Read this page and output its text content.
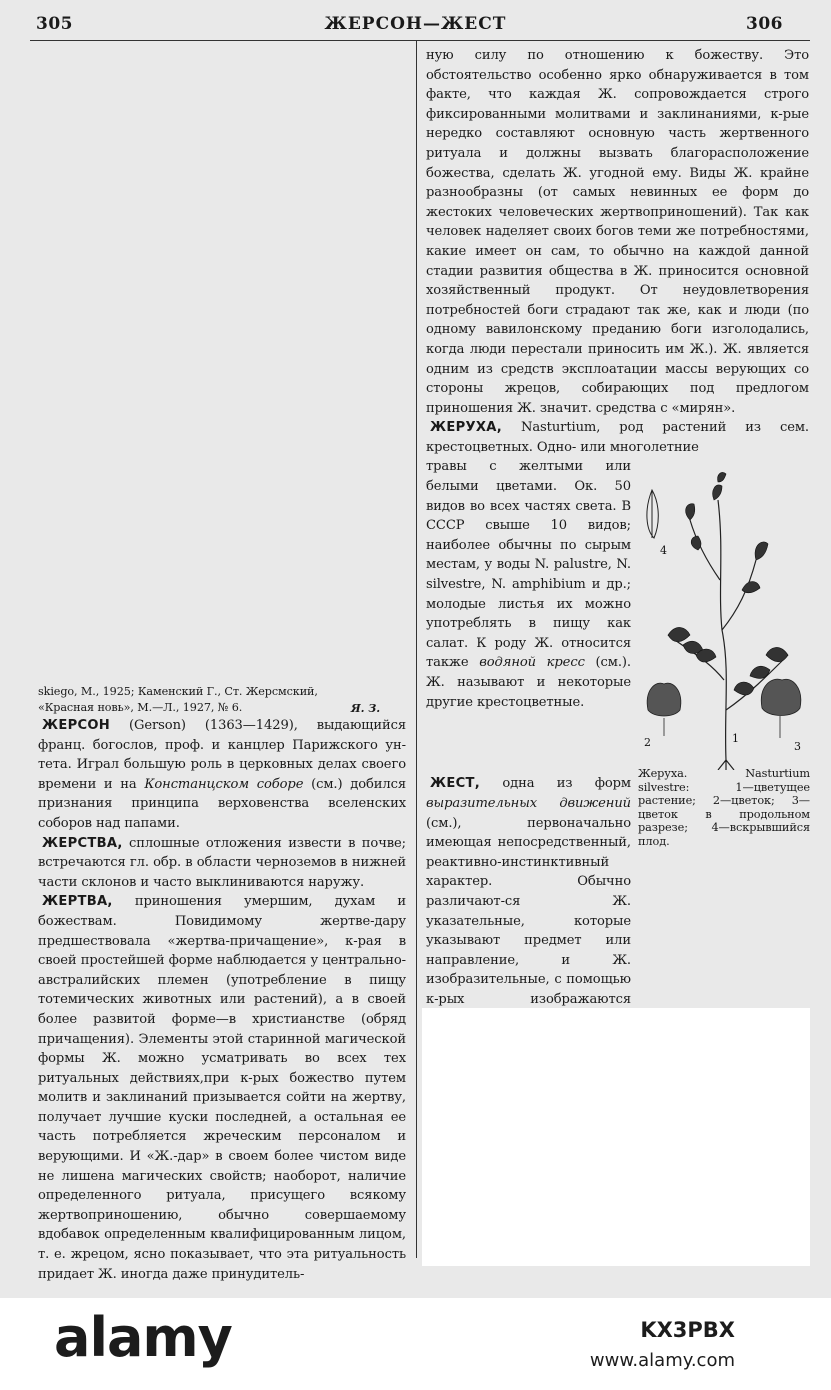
305	ЖЕРСОН—ЖЕСТ	306

skiego, M., 1925; Каменский Г., Ст. Жерсмский,
«Красная новь», М.—Л., 1927, № 6.	Я. З.

ЖЕРСОН (Gerson) (1363—1429), выдающийся франц. богослов, проф. и канцлер Парижского ун-тета. Играл большую роль в церковных делах своего времени и на Констанцском соборе (см.) добился признания принципа верховенства вселенских соборов над папами.

ЖЕРСТВА, сплошные отложения извести в почве; встречаются гл. обр. в области черноземов в нижней части склонов и часто выклиниваются наружу.

ЖЕРТВА, приношения умершим, духам и божествам. Повидимому жертве-дару предшествовала «жертва-причащение», к-рая в своей простейшей форме наблюдается у центрально-австралийских племен (употребление в пищу тотемических животных или растений), а в своей более развитой форме—в христианстве (обряд причащения). Элементы этой старинной магической формы Ж. можно усматривать во всех тех ритуальных действиях,при к-рых божество путем молитв и заклинаний призывается сойти на жертву, получает лучшие куски последней, а остальная ее часть потребляется жреческим персоналом и верующими. И «Ж.-дар» в своем более чистом виде не лишена магических свойств; наоборот, наличие определенного ритуала, присущего всякому жертвоприношению, обычно совершаемому вдобавок определенным квалифицированным лицом, т. е. жрецом, ясно показывает, что эта ритуальность придает Ж. иногда даже принудитель-

ную силу по отношению к божеству. Это обстоятельство особенно ярко обнаруживается в том факте, что каждая Ж. сопровождается строго фиксированными молитвами и заклинаниями, к-рые нередко составляют основную часть жертвенного ритуала и должны вызвать благорасположение божества, сделать Ж. угодной ему. Виды Ж. крайне разнообразны (от самых невинных ее форм до жестоких человеческих жертвоприношений). Так как человек наделяет своих богов теми же потребностями, какие имеет он сам, то обычно на каждой данной стадии развития общества в Ж. приносится основной хозяйственный продукт. От неудовлетворения потребностей боги страдают так же, как и люди (по одному вавилонскому преданию боги изголодались, когда люди перестали приносить им Ж.). Ж. является одним из средств эксплоатации массы верующих со стороны жрецов, собирающих под предлогом приношения Ж. значит. средства с «мирян».

ЖЕРУХА, Nasturtium, род растений из сем. крестоцветных. Одно- или многолетние

травы с желтыми или белыми цветами. Ок. 50 видов во всех частях света. В СССР свыше 10 видов; наиболее обычны по сырым местам, у воды N. palustre, N. silvestre, N. amphibium и др.; молодые листья их можно употреблять в пищу как салат. К роду Ж. относится также водяной кресс (см.). Ж. называют и некоторые другие крестоцветные.

4
2	1
3
Жеруха. Nasturtium silvestre: 1—цветущее растение; 2—цветок; 3—цветок в продольном разрезе; 4—вскрывшийся плод.

ЖЕСТ, одна из форм выразительных движений (см.), первоначально имеющая непосредственный, реактивно-инстинктивный характер. Обычно различают-ся Ж. указательные, которые указывают предмет или направление, и Ж. изобразительные, с помощью к-рых изображаются

alamy	KX3PBX
www.alamy.com
